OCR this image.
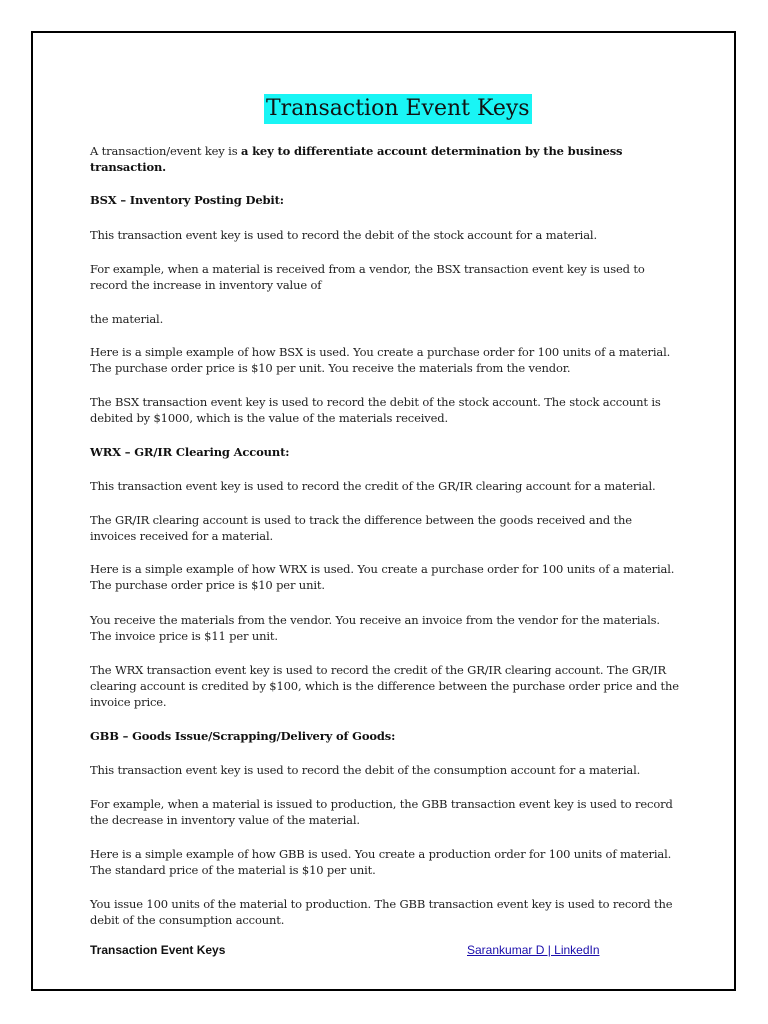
Transaction Event Keys

A transaction/event key is a key to differentiate account determination by the business transaction.

BSX – Inventory Posting Debit:

This transaction event key is used to record the debit of the stock account for a material.

For example, when a material is received from a vendor, the BSX transaction event key is used to record the increase in inventory value of

the material.

Here is a simple example of how BSX is used. You create a purchase order for 100 units of a material. The purchase order price is $10 per unit. You receive the materials from the vendor.

The BSX transaction event key is used to record the debit of the stock account. The stock account is debited by $1000, which is the value of the materials received.

WRX – GR/IR Clearing Account:

This transaction event key is used to record the credit of the GR/IR clearing account for a material.

The GR/IR clearing account is used to track the difference between the goods received and the invoices received for a material.

Here is a simple example of how WRX is used. You create a purchase order for 100 units of a material. The purchase order price is $10 per unit.

You receive the materials from the vendor. You receive an invoice from the vendor for the materials. The invoice price is $11 per unit.

The WRX transaction event key is used to record the credit of the GR/IR clearing account. The GR/IR clearing account is credited by $100, which is the difference between the purchase order price and the invoice price.

GBB – Goods Issue/Scrapping/Delivery of Goods:

This transaction event key is used to record the debit of the consumption account for a material.

For example, when a material is issued to production, the GBB transaction event key is used to record the decrease in inventory value of the material.

Here is a simple example of how GBB is used. You create a production order for 100 units of material. The standard price of the material is $10 per unit.

You issue 100 units of the material to production. The GBB transaction event key is used to record the debit of the consumption account.

Transaction Event Keys	Sarankumar D | LinkedIn
